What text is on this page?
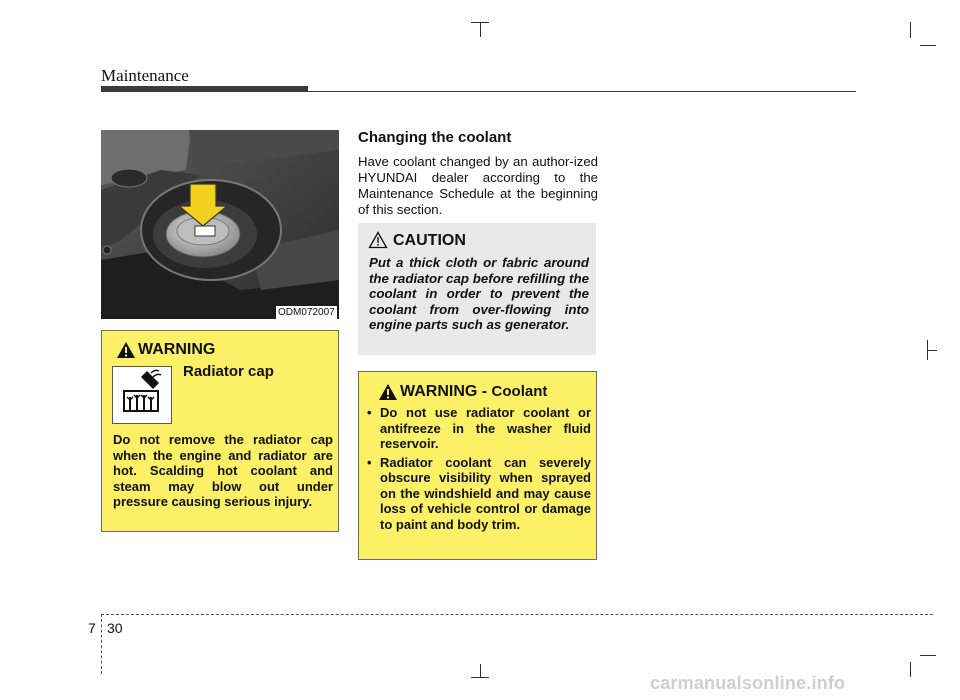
Maintenance
ODM072007
WARNING
Radiator cap
Do not remove the radiator cap when the engine and radiator are hot. Scalding hot coolant and steam may blow out under pressure causing serious injury.
Changing the coolant
Have coolant changed by an author-ized HYUNDAI dealer according to the Maintenance Schedule at the beginning of this section.
CAUTION
Put a thick cloth or fabric around the radiator cap before refilling the coolant in order to prevent the coolant from over-flowing into engine parts such as generator.
WARNING - Coolant
• Do not use radiator coolant or antifreeze in the washer fluid reservoir.
• Radiator coolant can severely obscure visibility when sprayed on the windshield and may cause loss of vehicle control or damage to paint and body trim.
7 30
carmanualsonline.info
